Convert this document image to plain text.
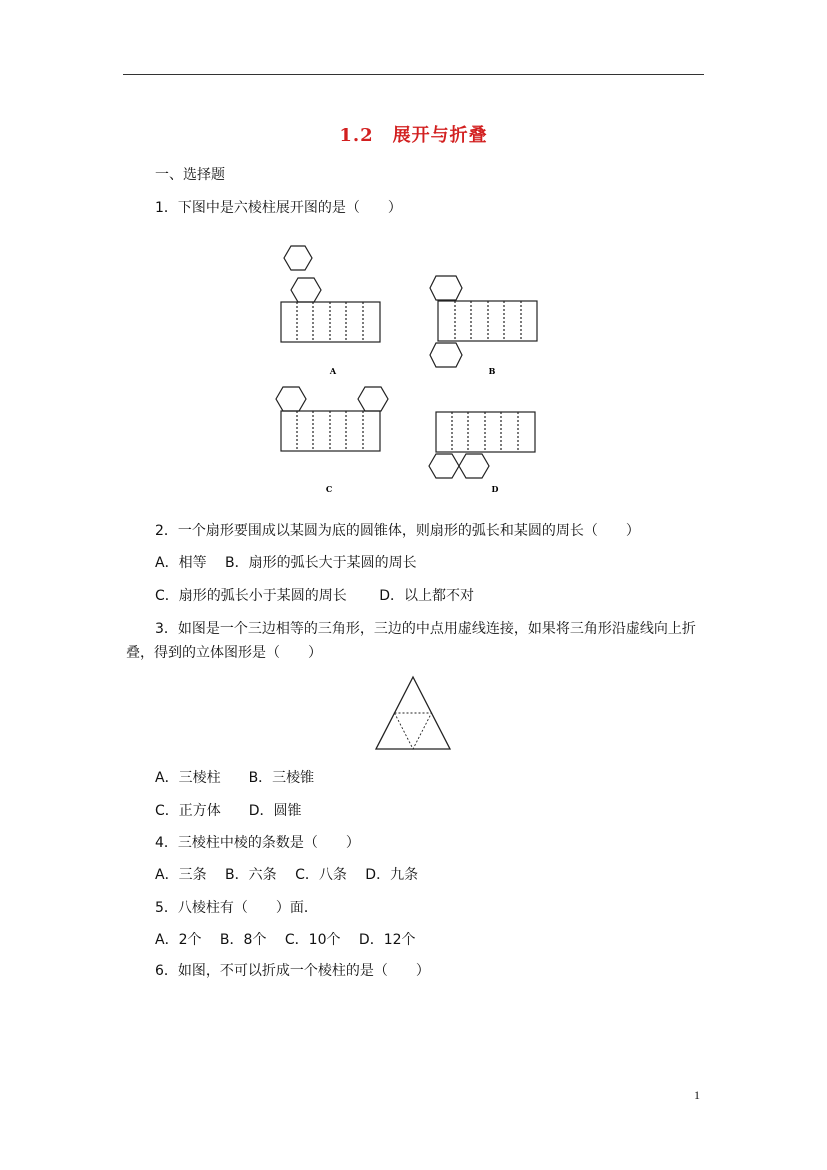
1.2　展开与折叠
一、选择题
1．下图中是六棱柱展开图的是（　　）
A	B
C	D
2．一个扇形要围成以某圆为底的圆锥体，则扇形的弧长和某圆的周长（　　）
A．相等　 B．扇形的弧长大于某圆的周长
C．扇形的弧长小于某圆的周长　　 D．以上都不对
3．如图是一个三边相等的三角形，三边的中点用虚线连接，如果将三角形沿虚线向上折叠，得到的立体图形是（　　）
A．三棱柱　　B．三棱锥
C．正方体　　D．圆锥
4．三棱柱中棱的条数是（　　）
A．三条　 B．六条　 C．八条　 D．九条
5．八棱柱有（　　）面．
A．2个　 B．8个　 C．10个　 D．12个
6．如图，不可以折成一个棱柱的是（　　）
1
